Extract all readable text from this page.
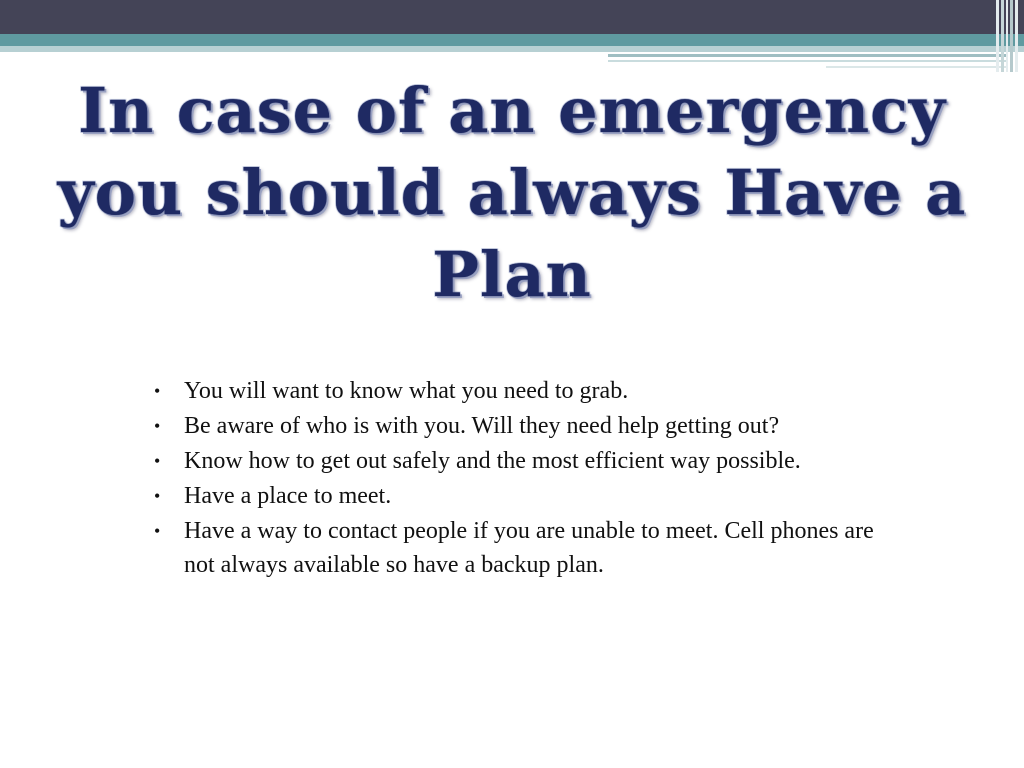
In case of an emergency you should always Have a Plan
• You will want to know what you need to grab.
• Be aware of who is with you. Will they need help getting out?
• Know how to get out safely and the most efficient way possible.
• Have a place to meet.
• Have a way to contact people if you are unable to meet. Cell phones are not always available so have a backup plan.
